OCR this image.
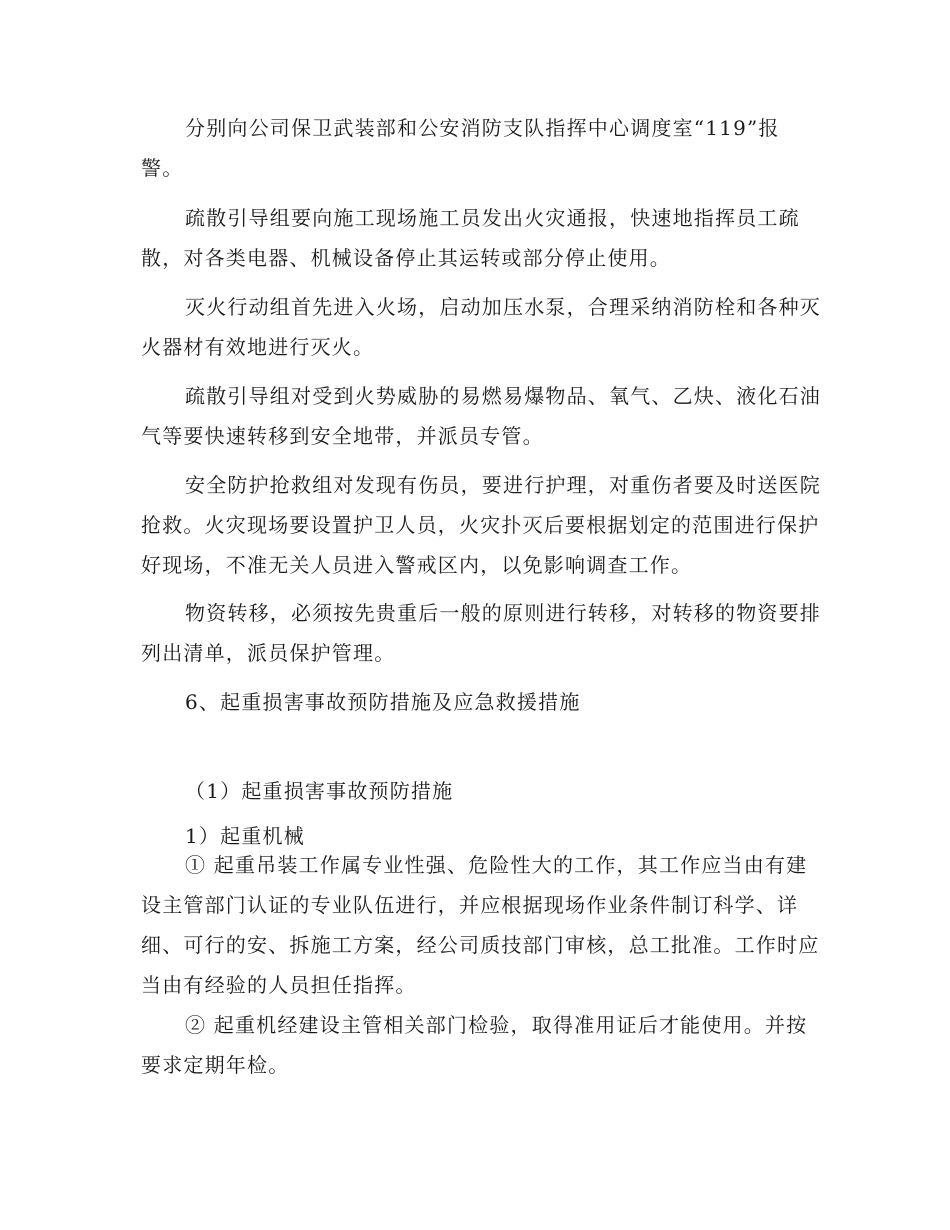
分别向公司保卫武装部和公安消防支队指挥中心调度室“119”报警。

疏散引导组要向施工现场施工员发出火灾通报，快速地指挥员工疏散，对各类电器、机械设备停止其运转或部分停止使用。

灭火行动组首先进入火场，启动加压水泵，合理采纳消防栓和各种灭火器材有效地进行灭火。

疏散引导组对受到火势威胁的易燃易爆物品、氧气、乙炔、液化石油气等要快速转移到安全地带，并派员专管。

安全防护抢救组对发现有伤员，要进行护理，对重伤者要及时送医院抢救。火灾现场要设置护卫人员，火灾扑灭后要根据划定的范围进行保护好现场，不准无关人员进入警戒区内，以免影响调查工作。

物资转移，必须按先贵重后一般的原则进行转移，对转移的物资要排列出清单，派员保护管理。

6、起重损害事故预防措施及应急救援措施

（1）起重损害事故预防措施

1）起重机械

① 起重吊装工作属专业性强、危险性大的工作，其工作应当由有建设主管部门认证的专业队伍进行，并应根据现场作业条件制订科学、详细、可行的安、拆施工方案，经公司质技部门审核，总工批准。工作时应当由有经验的人员担任指挥。

② 起重机经建设主管相关部门检验，取得准用证后才能使用。并按要求定期年检。
